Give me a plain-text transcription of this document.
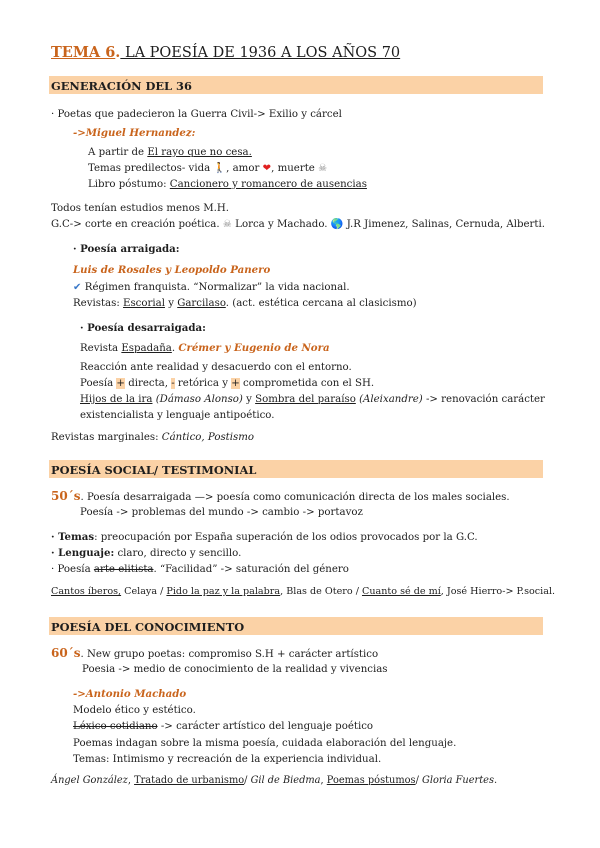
TEMA 6. LA POESÍA DE 1936 A LOS AÑOS 70
GENERACIÓN DEL 36
· Poetas que padecieron la Guerra Civil-> Exilio y cárcel
->Miguel Hernandez:
A partir de El rayo que no cesa.
Temas predilectos- vida 🚶, amor ❤, muerte ☠
Libro póstumo: Cancionero y romancero de ausencias
Todos tenían estudios menos M.H.
G.C-> corte en creación poética. ☠ Lorca y Machado. 🌎 J.R Jimenez, Salinas, Cernuda, Alberti.
· Poesía arraigada:
Luis de Rosales y Leopoldo Panero
✔ Régimen franquista. “Normalizar” la vida nacional.
Revistas: Escorial y Garcilaso. (act. estética cercana al clasicismo)
· Poesía desarraigada:
Revista Espadaña. Crémer y Eugenio de Nora
Reacción ante realidad y desacuerdo con el entorno.
Poesía + directa, - retórica y + comprometida con el SH.
Hijos de la ira (Dámaso Alonso) y Sombra del paraíso (Aleixandre) -> renovación carácter
existencialista y lenguaje antipoético.
Revistas marginales: Cántico, Postismo
POESÍA SOCIAL/ TESTIMONIAL
50´s. Poesía desarraigada —> poesía como comunicación directa de los males sociales.
Poesía -> problemas del mundo -> cambio -> portavoz
· Temas: preocupación por España superación de los odios provocados por la G.C.
· Lenguaje: claro, directo y sencillo.
· Poesía arte elitista. “Facilidad” -> saturación del género
Cantos íberos, Celaya / Pido la paz y la palabra, Blas de Otero / Cuanto sé de mí, José Hierro-> P.social.
POESÍA DEL CONOCIMIENTO
60´s. New grupo poetas: compromiso S.H + carácter artístico
Poesia -> medio de conocimiento de la realidad y vivencias
->Antonio Machado
Modelo ético y estético.
Léxico cotidiano -> carácter artístico del lenguaje poético
Poemas indagan sobre la misma poesía, cuidada elaboración del lenguaje.
Temas: Intimismo y recreación de la experiencia individual.
Ángel González, Tratado de urbanismo/ Gil de Biedma, Poemas póstumos/ Gloria Fuertes.
